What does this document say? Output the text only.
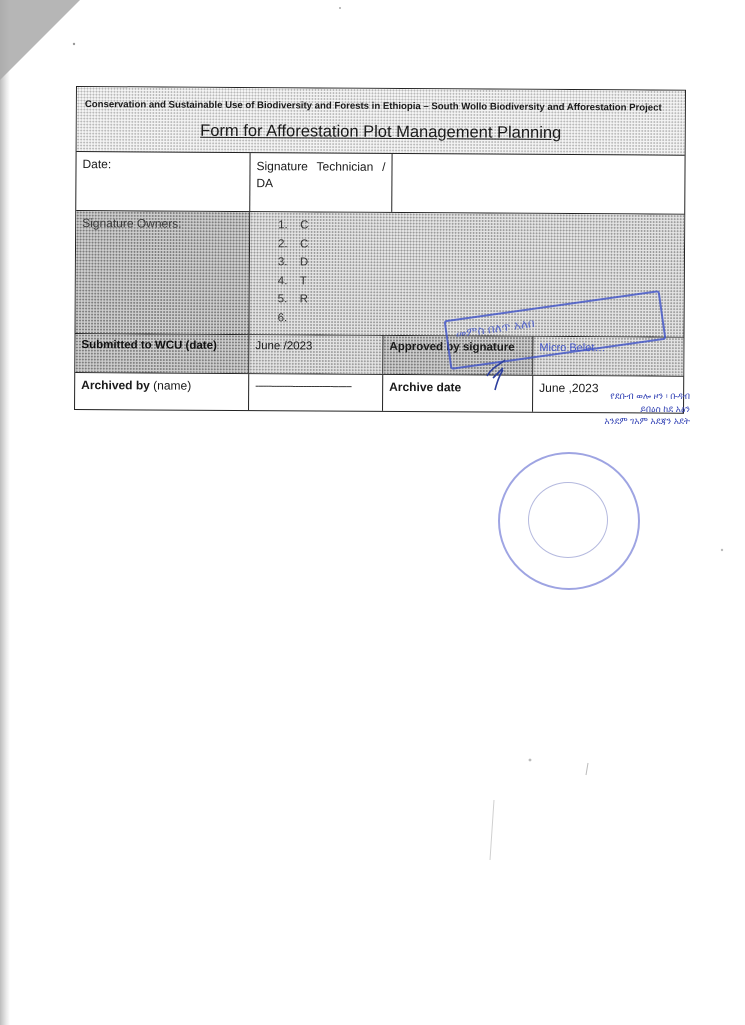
Conservation and Sustainable Use of Biodiversity and Forests in Ethiopia – South Wollo Biodiversity and Afforestation Project
Form for Afforestation Plot Management Planning
Date:	Signature Technician / DA
Signature Owners:	1. C
2. C
3. D
4. T
5. R
6.
Submitted to WCU (date)	June /2023	Approved by signature	Micro Belet…
Archived by (name)	------------------------------------	Archive date	June ,2023
መምስ በለጥ አለበ
የደቡብ ወሎ ዞን ፡ ቡዳብ
ይበዕስ ከደ አፅን
አንደም ገአም አደጃን አደት
